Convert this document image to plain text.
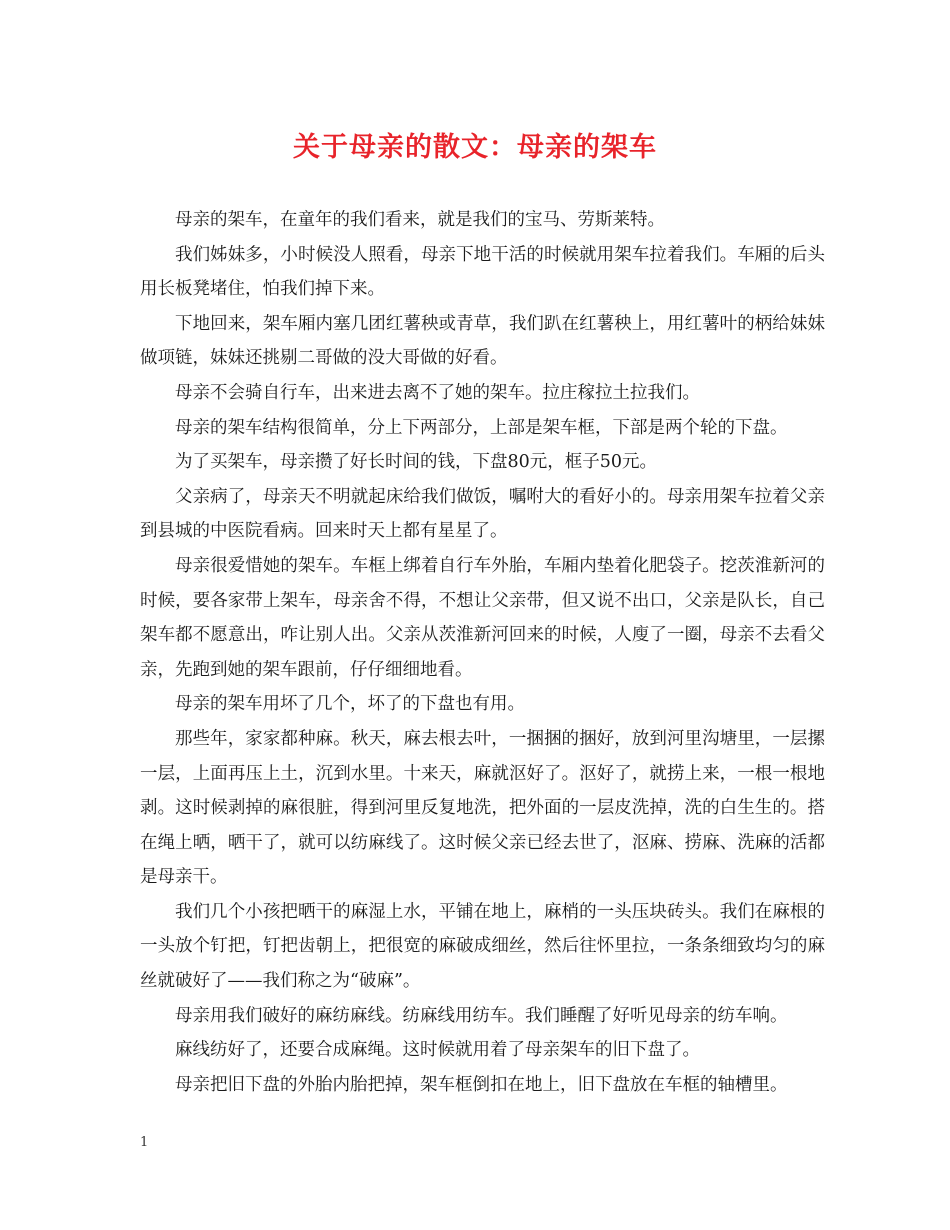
关于母亲的散文：母亲的架车

母亲的架车，在童年的我们看来，就是我们的宝马、劳斯莱特。

我们姊妹多，小时候没人照看，母亲下地干活的时候就用架车拉着我们。车厢的后头用长板凳堵住，怕我们掉下来。

下地回来，架车厢内塞几团红薯秧或青草，我们趴在红薯秧上，用红薯叶的柄给妹妹做项链，妹妹还挑剔二哥做的没大哥做的好看。

母亲不会骑自行车，出来进去离不了她的架车。拉庄稼拉土拉我们。

母亲的架车结构很简单，分上下两部分，上部是架车框，下部是两个轮的下盘。

为了买架车，母亲攒了好长时间的钱，下盘80元，框子50元。

父亲病了，母亲天不明就起床给我们做饭，嘱咐大的看好小的。母亲用架车拉着父亲到县城的中医院看病。回来时天上都有星星了。

母亲很爱惜她的架车。车框上绑着自行车外胎，车厢内垫着化肥袋子。挖茨淮新河的时候，要各家带上架车，母亲舍不得，不想让父亲带，但又说不出口，父亲是队长，自己架车都不愿意出，咋让别人出。父亲从茨淮新河回来的时候，人廋了一圈，母亲不去看父亲，先跑到她的架车跟前，仔仔细细地看。

母亲的架车用坏了几个，坏了的下盘也有用。

那些年，家家都种麻。秋天，麻去根去叶，一捆捆的捆好，放到河里沟塘里，一层摞一层，上面再压上土，沉到水里。十来天，麻就沤好了。沤好了，就捞上来，一根一根地剥。这时候剥掉的麻很脏，得到河里反复地洗，把外面的一层皮洗掉，洗的白生生的。搭在绳上晒，晒干了，就可以纺麻线了。这时候父亲已经去世了，沤麻、捞麻、洗麻的活都是母亲干。

我们几个小孩把晒干的麻湿上水，平铺在地上，麻梢的一头压块砖头。我们在麻根的一头放个钉把，钉把齿朝上，把很宽的麻破成细丝，然后往怀里拉，一条条细致均匀的麻丝就破好了——我们称之为“破麻”。

母亲用我们破好的麻纺麻线。纺麻线用纺车。我们睡醒了好听见母亲的纺车响。

麻线纺好了，还要合成麻绳。这时候就用着了母亲架车的旧下盘了。

母亲把旧下盘的外胎内胎把掉，架车框倒扣在地上，旧下盘放在车框的轴槽里。

1
